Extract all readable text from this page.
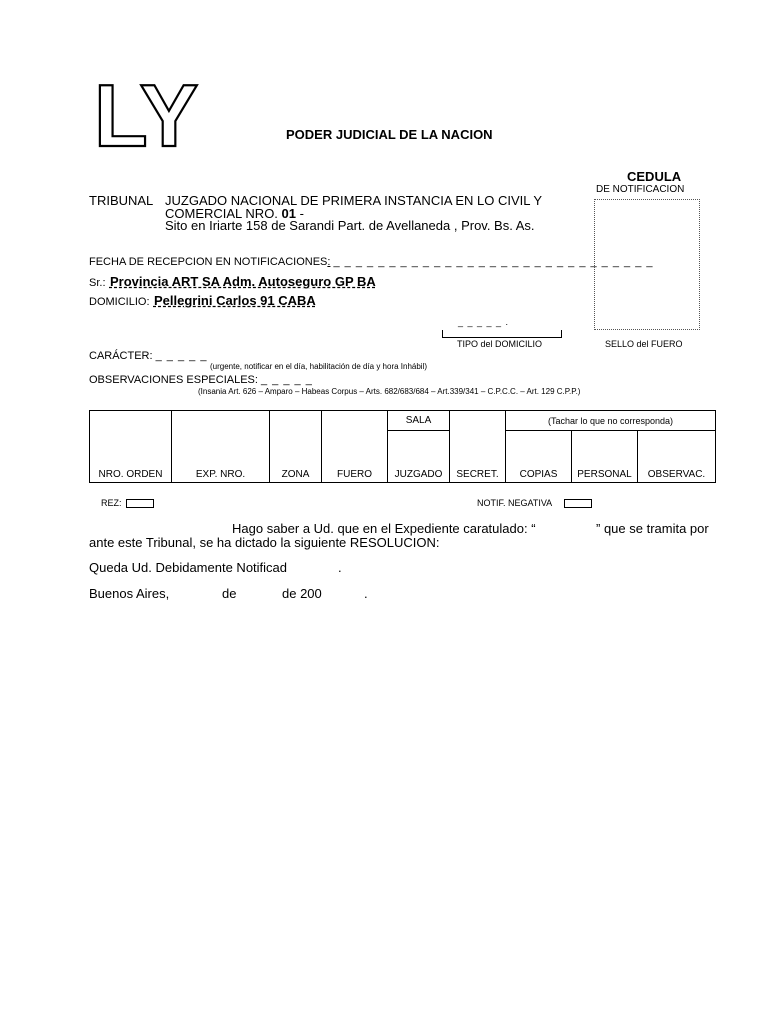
LY	PODER JUDICIAL DE LA NACION
CEDULA
DE NOTIFICACION
TRIBUNAL JUZGADO NACIONAL DE PRIMERA INSTANCIA EN LO CIVIL Y
COMERCIAL NRO. 01 -
Sito en Iriarte 158 de Sarandi Part. de Avellaneda , Prov. Bs. As.
FECHA DE RECEPCION EN NOTIFICACIONES: _ _ _ _ _ _ _ _ _ _ _ _ _ _ _ _ _ _ _ _ _ _ _ _ _ _ _ _ _
Sr.: Provincia ART SA Adm. Autoseguro GP BA
DOMICILIO: Pellegrini Carlos 91 CABA
_ _ _ _ _ .
TIPO del DOMICILIO	SELLO del FUERO
CARÁCTER: _ _ _ _ _
(urgente, notificar en el día, habilitación de día y hora Inhábil)
OBSERVACIONES ESPECIALES: _ _ _ _ _
(Insania Art. 626 – Amparo – Habeas Corpus – Arts. 682/683/684 – Art.339/341 – C.P.C.C. – Art. 129 C.P.P.)
				SALA		(Tachar lo que no corresponda)		

NRO. ORDEN	EXP. NRO.	ZONA	FUERO	JUZGADO	SECRET.	COPIAS	PERSONAL	OBSERVAC.
REZ:	NOTIF. NEGATIVA
Hago saber a Ud. que en el Expediente caratulado: “	” que se tramita por
ante este Tribunal, se ha dictado la siguiente RESOLUCION:
Queda Ud. Debidamente Notificad	.
Buenos Aires,	de	de 200	.
